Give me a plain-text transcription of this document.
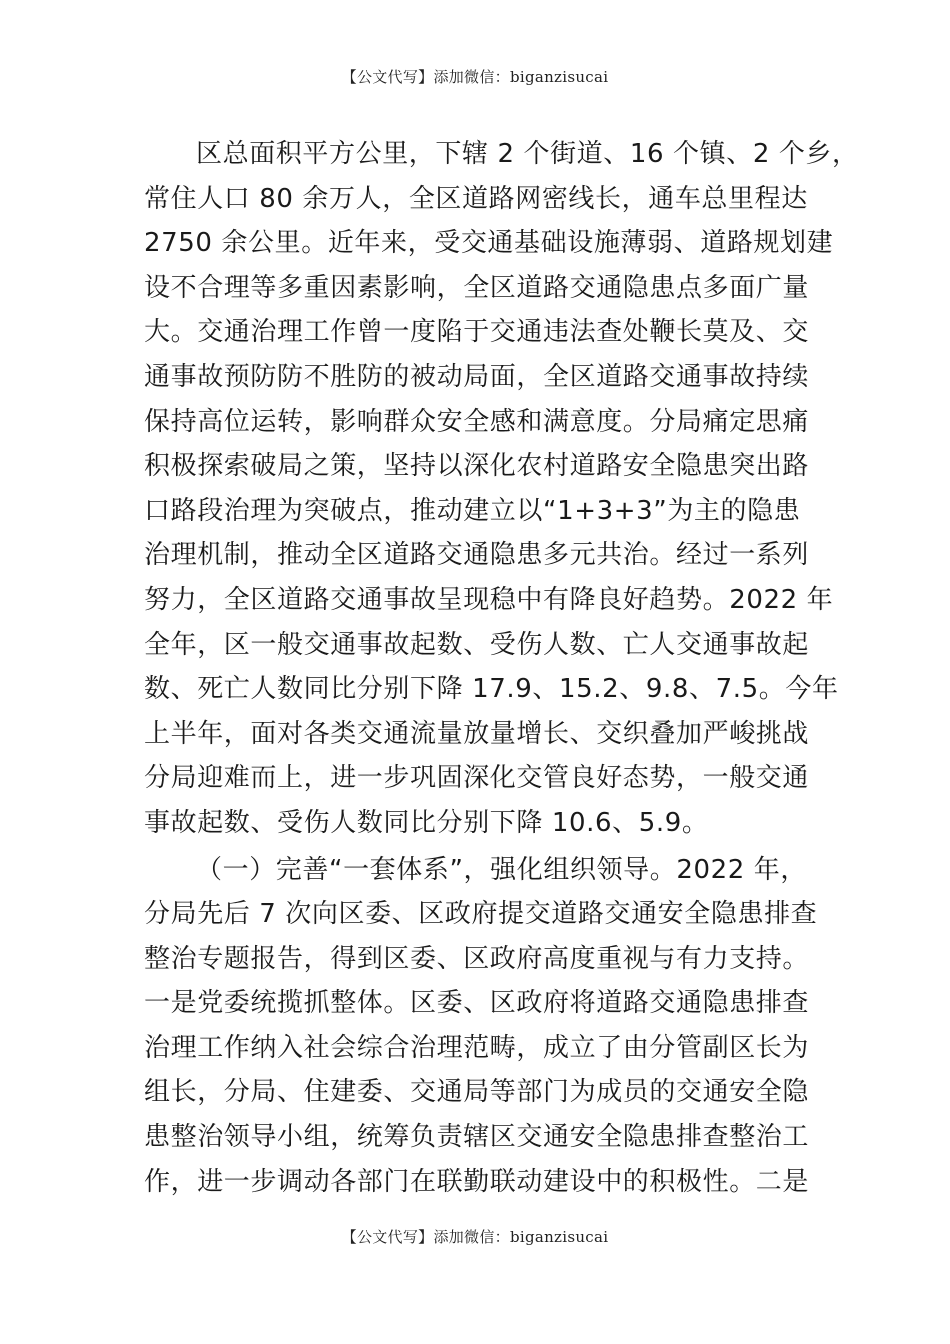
【公文代写】添加微信：biganzisucai
区总面积平方公里，下辖 2 个街道、16 个镇、2 个乡，
常住人口 80 余万人，全区道路网密线长，通车总里程达
2750 余公里。近年来，受交通基础设施薄弱、道路规划建
设不合理等多重因素影响，全区道路交通隐患点多面广量
大。交通治理工作曾一度陷于交通违法查处鞭长莫及、交
通事故预防防不胜防的被动局面，全区道路交通事故持续
保持高位运转，影响群众安全感和满意度。分局痛定思痛
积极探索破局之策，坚持以深化农村道路安全隐患突出路
口路段治理为突破点，推动建立以“1+3+3”为主的隐患
治理机制，推动全区道路交通隐患多元共治。经过一系列
努力，全区道路交通事故呈现稳中有降良好趋势。2022 年
全年，区一般交通事故起数、受伤人数、亡人交通事故起
数、死亡人数同比分别下降 17.9、15.2、9.8、7.5。今年
上半年，面对各类交通流量放量增长、交织叠加严峻挑战
分局迎难而上，进一步巩固深化交管良好态势，一般交通
事故起数、受伤人数同比分别下降 10.6、5.9。
（一）完善“一套体系”，强化组织领导。2022 年，
分局先后 7 次向区委、区政府提交道路交通安全隐患排查
整治专题报告，得到区委、区政府高度重视与有力支持。
一是党委统揽抓整体。区委、区政府将道路交通隐患排查
治理工作纳入社会综合治理范畴，成立了由分管副区长为
组长，分局、住建委、交通局等部门为成员的交通安全隐
患整治领导小组，统筹负责辖区交通安全隐患排查整治工
作，进一步调动各部门在联勤联动建设中的积极性。二是
【公文代写】添加微信：biganzisucai
